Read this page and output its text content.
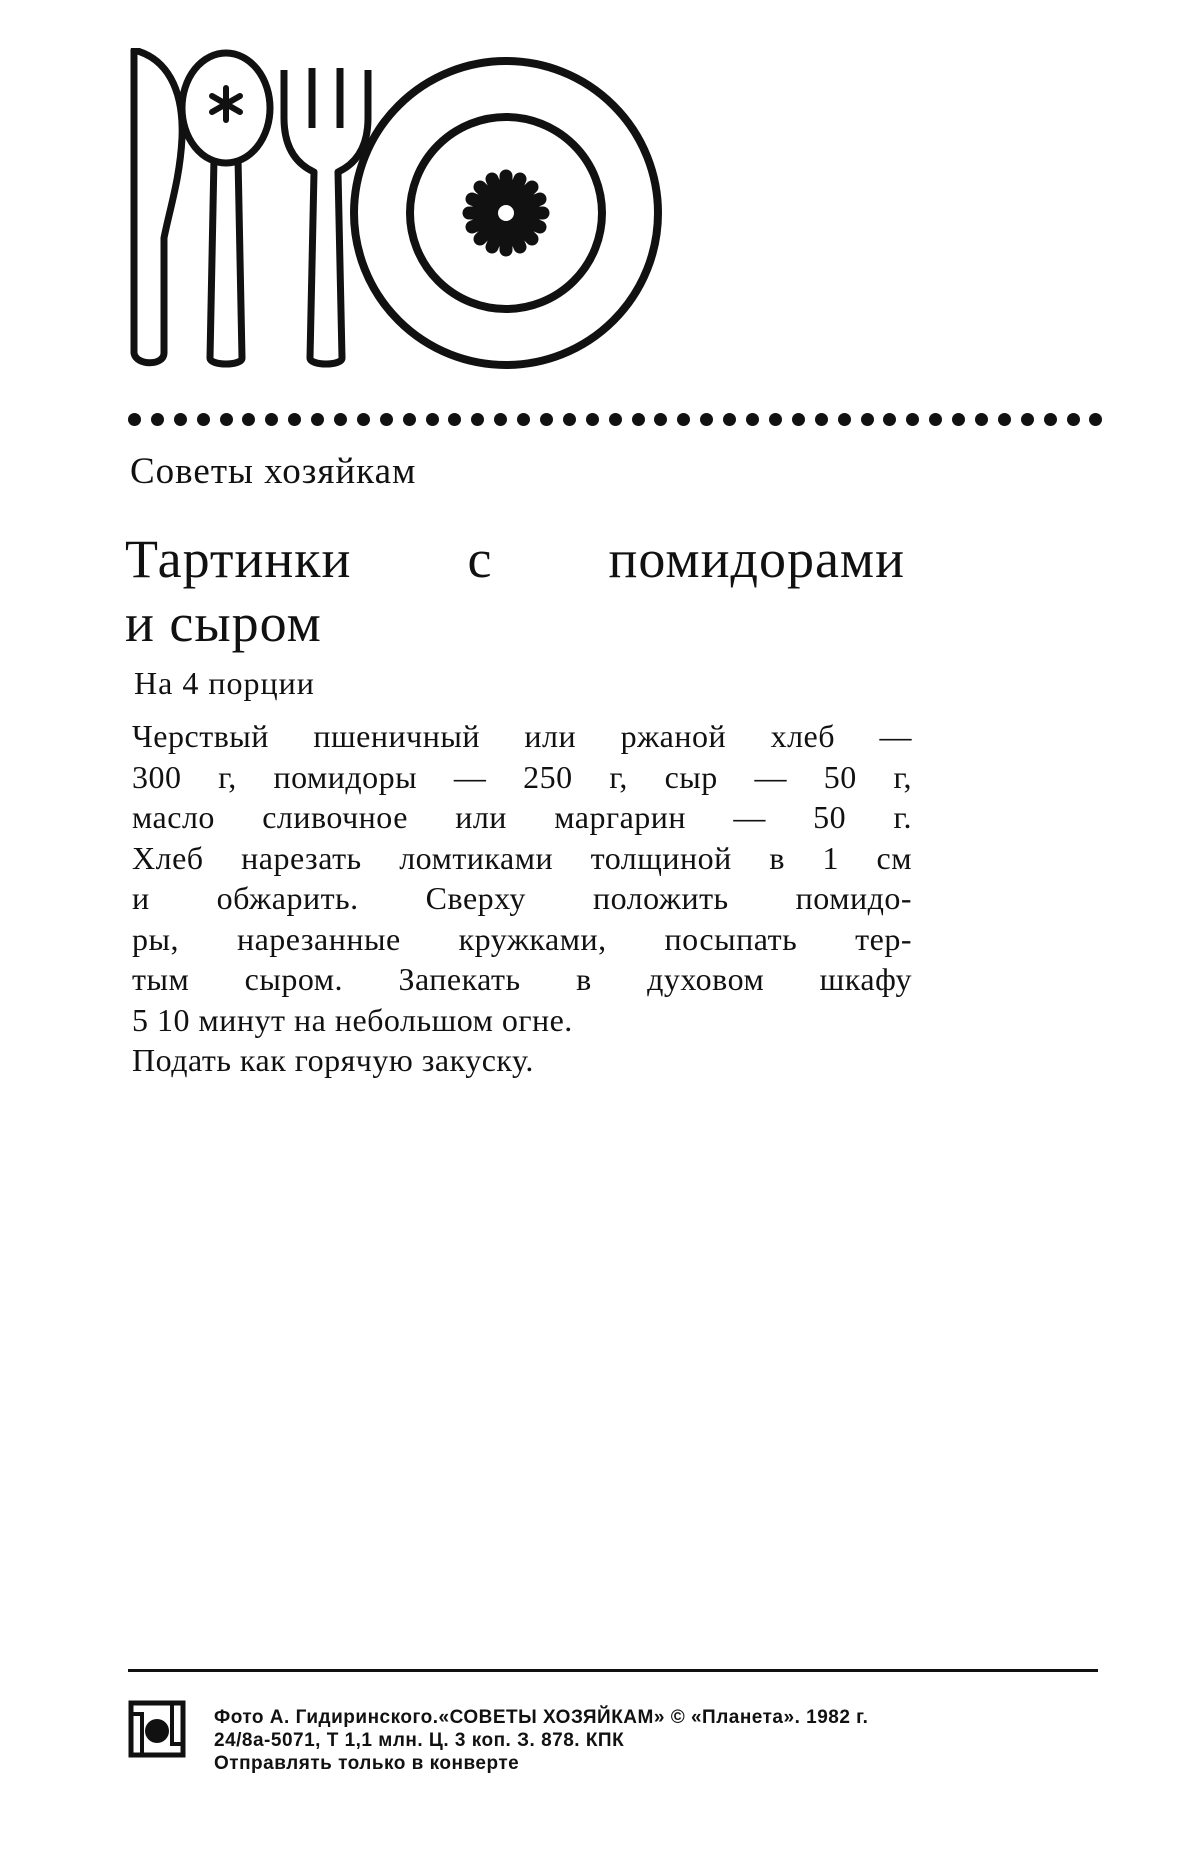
Советы хозяйкам
Тартинки с помидорами
и сыром
На 4 порции
Черствый пшеничный или ржаной хлеб —
300 г, помидоры — 250 г, сыр — 50 г,
масло сливочное или маргарин — 50 г.
Хлеб нарезать ломтиками толщиной в 1 см
и обжарить. Сверху положить помидо-
ры, нарезанные кружками, посыпать тер-
тым сыром. Запекать в духовом шкафу
5 10 минут на небольшом огне.
Подать как горячую закуску.
Фото А. Гидиринского.«СОВЕТЫ ХОЗЯЙКАМ» © «Планета». 1982 г.
24/8а-5071, Т 1,1 млн. Ц. 3 коп. З. 878. КПК
Отправлять только в конверте
